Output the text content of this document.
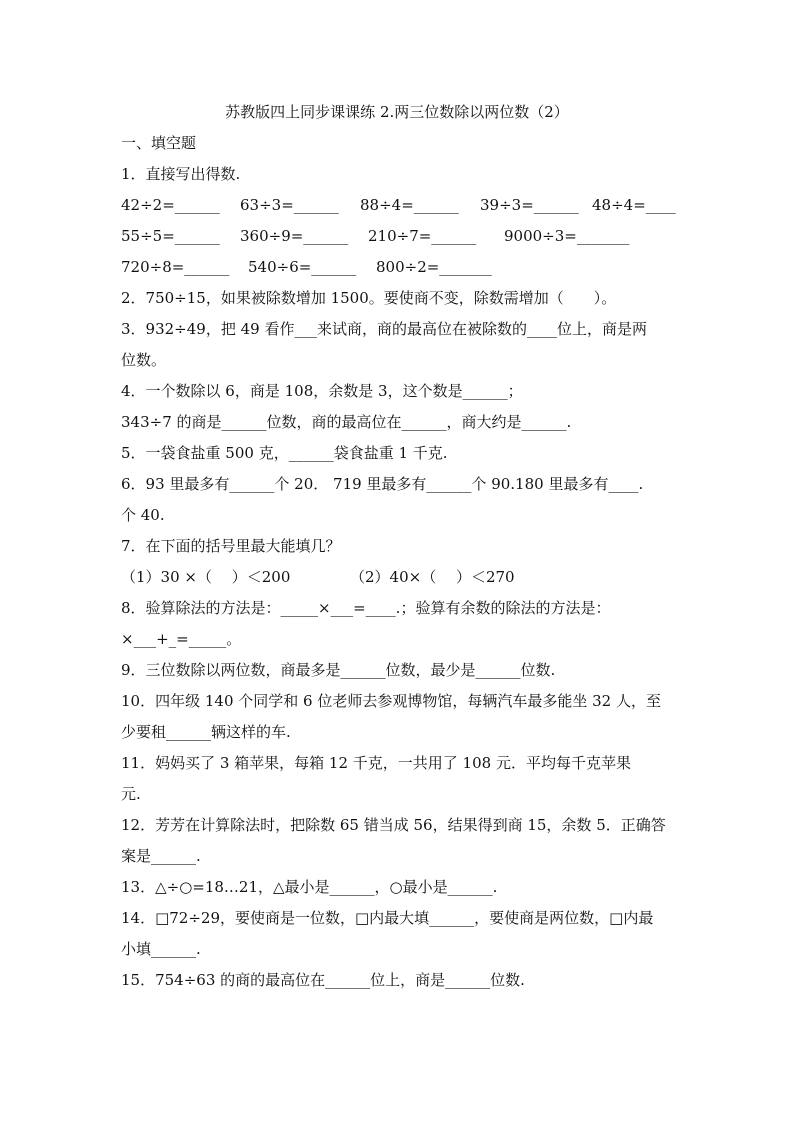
苏教版四上同步课课练 2.两三位数除以两位数（2）
一、填空题
1．直接写出得数.
42÷2=______ 63÷3=______ 88÷4=______ 39÷3=______ 48÷4=____
55÷5=______ 360÷9=______ 210÷7=______ 9000÷3=_______
720÷8=______ 540÷6=______ 800÷2=_______
2．750÷15，如果被除数增加 1500。要使商不变，除数需增加（　　）。
3．932÷49，把 49 看作___来试商，商的最高位在被除数的____位上，商是两
位数。
4．一个数除以 6，商是 108，余数是 3，这个数是______；
343÷7 的商是______位数，商的最高位在______，商大约是______.
5．一袋食盐重 500 克，______袋食盐重 1 千克.
6．93 里最多有______个 20． 719 里最多有______个 90.180 里最多有____.
个 40.
7．在下面的括号里最大能填几？
（1）30 ×（　 ）＜200	（2）40×（　 ）＜270
8．验算除法的方法是：_____×___=____.；验算有余数的除法的方法是：
×___+_=_____。
9．三位数除以两位数，商最多是______位数，最少是______位数.
10．四年级 140 个同学和 6 位老师去参观博物馆，每辆汽车最多能坐 32 人，至
少要租______辆这样的车.
11．妈妈买了 3 箱苹果，每箱 12 千克，一共用了 108 元．平均每千克苹果
元.
12．芳芳在计算除法时，把除数 65 错当成 56，结果得到商 15，余数 5．正确答
案是______.
13．△÷○=18…21，△最小是______，○最小是______.
14．□72÷29，要使商是一位数，□内最大填______，要使商是两位数，□内最
小填______.
15．754÷63 的商的最高位在______位上，商是______位数.
